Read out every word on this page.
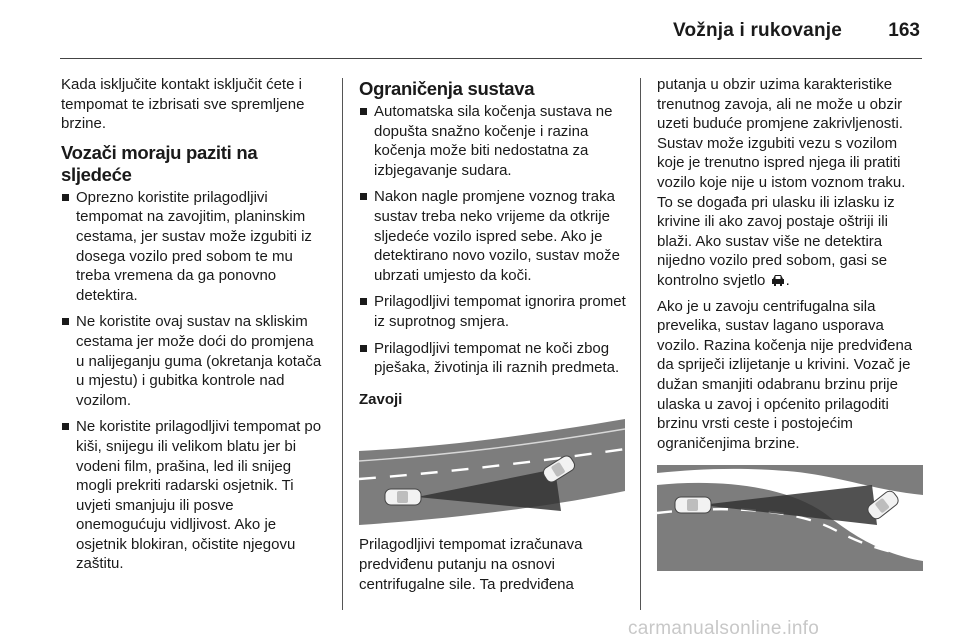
Vožnja i rukovanje 163

Kada isključite kontakt isključit ćete i tempomat te izbrisati sve spremljene brzine.

Vozači moraju paziti na sljedeće
Oprezno koristite prilagodljivi tempomat na zavojitim, planinskim cestama, jer sustav može izgubiti iz dosega vozilo pred sobom te mu treba vremena da ga ponovno detektira.
Ne koristite ovaj sustav na skliskim cestama jer može doći do promjena u nalijeganju guma (okretanja kotača u mjestu) i gubitka kontrole nad vozilom.
Ne koristite prilagodljivi tempomat po kiši, snijegu ili velikom blatu jer bi vodeni film, prašina, led ili snijeg mogli prekriti radarski osjetnik. Ti uvjeti smanjuju ili posve onemogućuju vidljivost. Ako je osjetnik blokiran, očistite njegovu zaštitu.
Ograničenja sustava
Automatska sila kočenja sustava ne dopušta snažno kočenje i razina kočenja može biti nedostatna za izbjegavanje sudara.
Nakon nagle promjene voznog traka sustav treba neko vrijeme da otkrije sljedeće vozilo ispred sebe. Ako je detektirano novo vozilo, sustav može ubrzati umjesto da koči.
Prilagodljivi tempomat ignorira promet iz suprotnog smjera.
Prilagodljivi tempomat ne koči zbog pješaka, životinja ili raznih predmeta.
Zavoji

Prilagodljivi tempomat izračunava predviđenu putanju na osnovi centrifugalne sile. Ta predviđena

putanja u obzir uzima karakteristike trenutnog zavoja, ali ne može u obzir uzeti buduće promjene zakrivljenosti. Sustav može izgubiti vezu s vozilom koje je trenutno ispred njega ili pratiti vozilo koje nije u istom voznom traku. To se događa pri ulasku ili izlasku iz krivine ili ako zavoj postaje oštriji ili blaži. Ako sustav više ne detektira nijedno vozilo pred sobom, gasi se kontrolno svjetlo .

Ako je u zavoju centrifugalna sila prevelika, sustav lagano usporava vozilo. Razina kočenja nije predviđena da spriječi izlijetanje u krivini. Vozač je dužan smanjiti odabranu brzinu prije ulaska u zavoj i općenito prilagoditi brzinu vrsti ceste i postojećim ograničenjima brzine.

carmanualsonline.info
